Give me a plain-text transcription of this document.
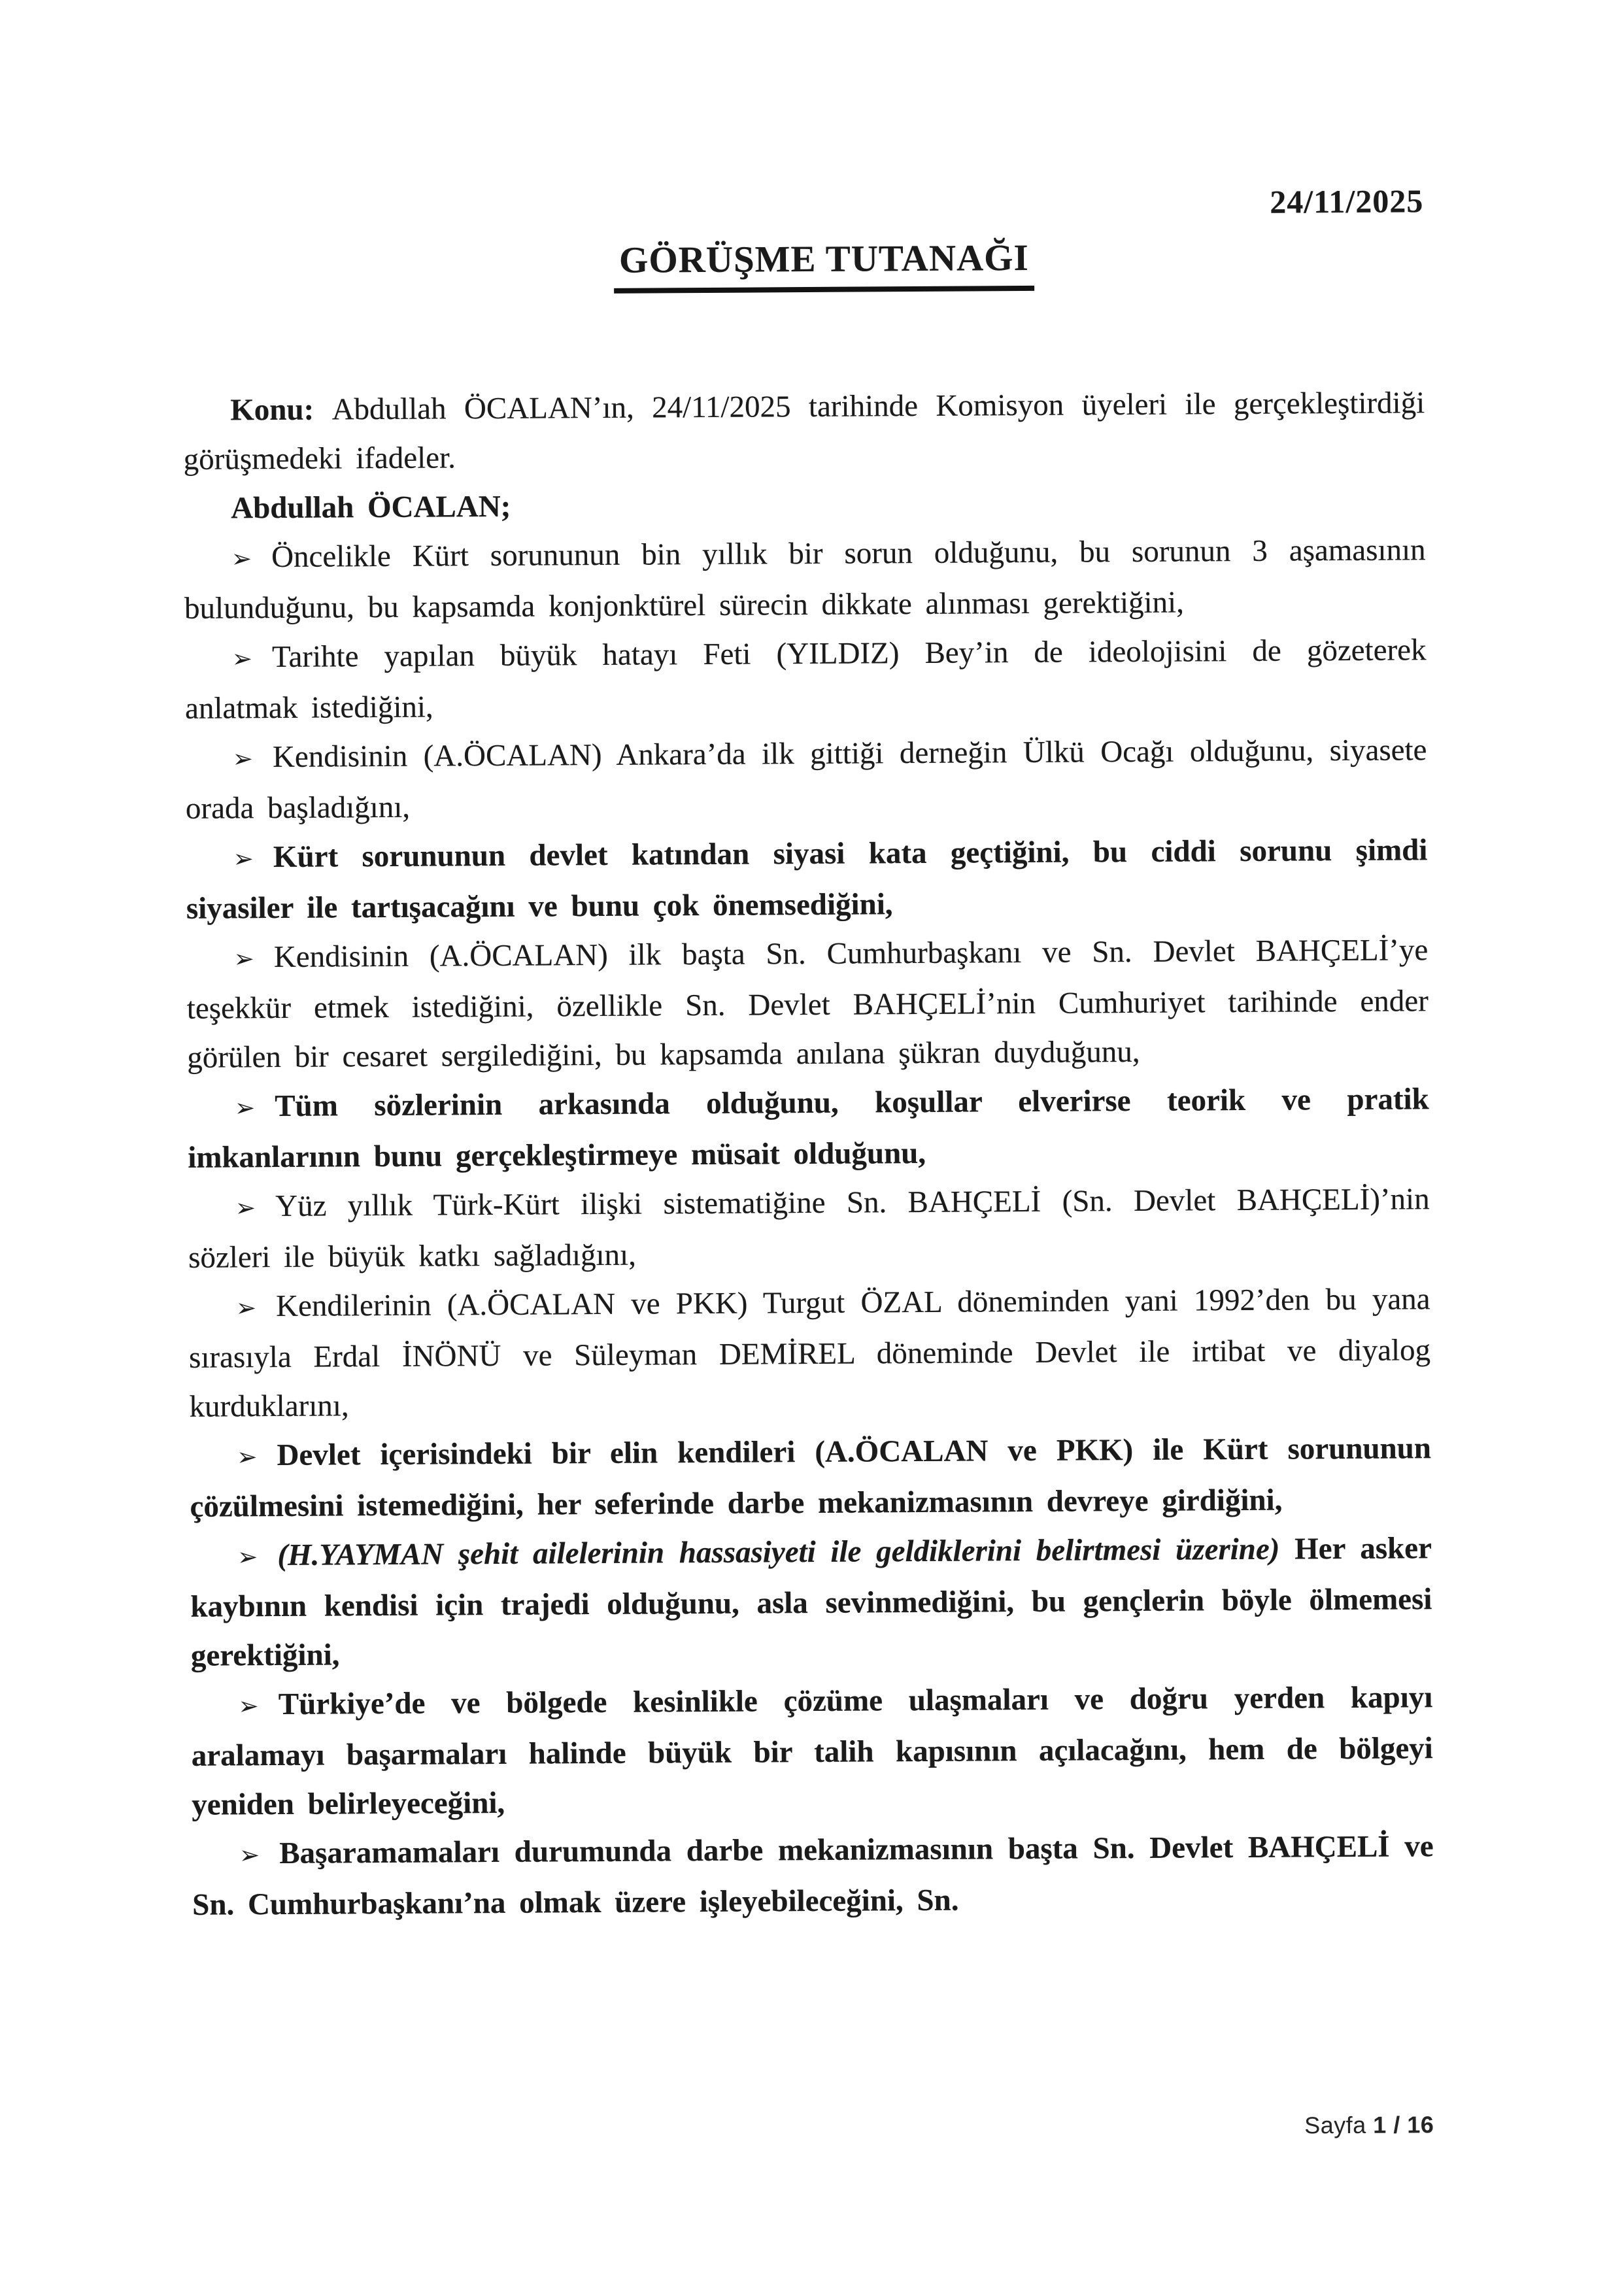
24/11/2025
GÖRÜŞME TUTANAĞI

Konu: Abdullah ÖCALAN’ın, 24/11/2025 tarihinde Komisyon üyeleri ile gerçekleştirdiği görüşmedeki ifadeler.

Abdullah ÖCALAN;

➢ Öncelikle Kürt sorununun bin yıllık bir sorun olduğunu, bu sorunun 3 aşamasının bulunduğunu, bu kapsamda konjonktürel sürecin dikkate alınması gerektiğini,

➢ Tarihte yapılan büyük hatayı Feti (YILDIZ) Bey’in de ideolojisini de gözeterek anlatmak istediğini,

➢ Kendisinin (A.ÖCALAN) Ankara’da ilk gittiği derneğin Ülkü Ocağı olduğunu, siyasete orada başladığını,

➢ Kürt sorununun devlet katından siyasi kata geçtiğini, bu ciddi sorunu şimdi siyasiler ile tartışacağını ve bunu çok önemsediğini,

➢ Kendisinin (A.ÖCALAN) ilk başta Sn. Cumhurbaşkanı ve Sn. Devlet BAHÇELİ’ye teşekkür etmek istediğini, özellikle Sn. Devlet BAHÇELİ’nin Cumhuriyet tarihinde ender görülen bir cesaret sergilediğini, bu kapsamda anılana şükran duyduğunu,

➢ Tüm sözlerinin arkasında olduğunu, koşullar elverirse teorik ve pratik imkanlarının bunu gerçekleştirmeye müsait olduğunu,

➢ Yüz yıllık Türk-Kürt ilişki sistematiğine Sn. BAHÇELİ (Sn. Devlet BAHÇELİ)’nin sözleri ile büyük katkı sağladığını,

➢ Kendilerinin (A.ÖCALAN ve PKK) Turgut ÖZAL döneminden yani 1992’den bu yana sırasıyla Erdal İNÖNÜ ve Süleyman DEMİREL döneminde Devlet ile irtibat ve diyalog kurduklarını,

➢ Devlet içerisindeki bir elin kendileri (A.ÖCALAN ve PKK) ile Kürt sorununun çözülmesini istemediğini, her seferinde darbe mekanizmasının devreye girdiğini,

➢ (H.YAYMAN şehit ailelerinin hassasiyeti ile geldiklerini belirtmesi üzerine) Her asker kaybının kendisi için trajedi olduğunu, asla sevinmediğini, bu gençlerin böyle ölmemesi gerektiğini,

➢ Türkiye’de ve bölgede kesinlikle çözüme ulaşmaları ve doğru yerden kapıyı aralamayı başarmaları halinde büyük bir talih kapısının açılacağını, hem de bölgeyi yeniden belirleyeceğini,

➢ Başaramamaları durumunda darbe mekanizmasının başta Sn. Devlet BAHÇELİ ve Sn. Cumhurbaşkanı’na olmak üzere işleyebileceğini, Sn.

Sayfa 1 / 16
